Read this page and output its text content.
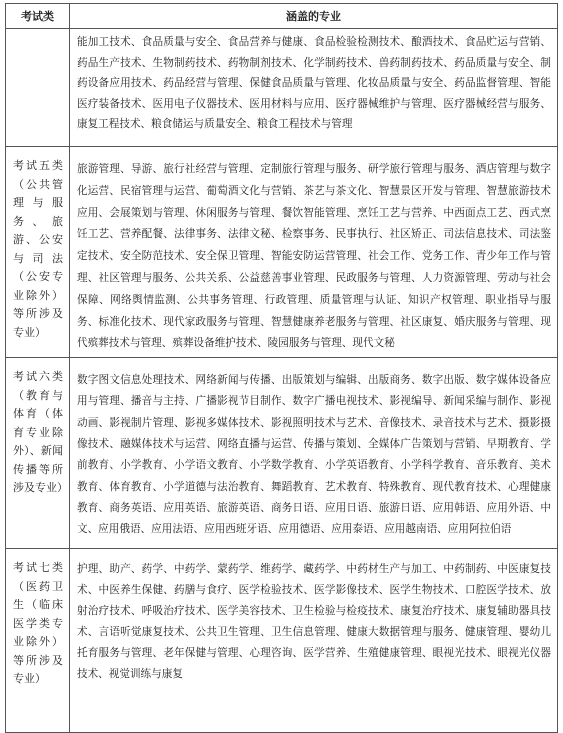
考试类	涵盖的专业
	能加工技术、食品质量与安全、食品营养与健康、食品检验检测技术、酿酒技术、食品贮运与营销、药品生产技术、生物制药技术、药物制剂技术、化学制药技术、兽药制药技术、药品质量与安全、制药设备应用技术、药品经营与管理、保健食品质量与管理、化妆品质量与安全、药品监督管理、智能医疗装备技术、医用电子仪器技术、医用材料与应用、医疗器械维护与管理、医疗器械经营与服务、康复工程技术、粮食储运与质量安全、粮食工程技术与管理
考试五类（公共管理与服务、旅游、公安与司法（公安专业除外）等所涉及专业）	旅游管理、导游、旅行社经营与管理、定制旅行管理与服务、研学旅行管理与服务、酒店管理与数字化运营、民宿管理与运营、葡萄酒文化与营销、茶艺与茶文化、智慧景区开发与管理、智慧旅游技术应用、会展策划与管理、休闲服务与管理、餐饮智能管理、烹饪工艺与营养、中西面点工艺、西式烹饪工艺、营养配餐、法律事务、法律文秘、检察事务、民事执行、社区矫正、司法信息技术、司法鉴定技术、安全防范技术、安全保卫管理、智能安防运营管理、社会工作、党务工作、青少年工作与管理、社区管理与服务、公共关系、公益慈善事业管理、民政服务与管理、人力资源管理、劳动与社会保障、网络舆情监测、公共事务管理、行政管理、质量管理与认证、知识产权管理、职业指导与服务、标准化技术、现代家政服务与管理、智慧健康养老服务与管理、社区康复、婚庆服务与管理、现代殡葬技术与管理、殡葬设备维护技术、陵园服务与管理、现代文秘
考试六类（教育与体育（体育专业除外）、新闻传播等所涉及专业）	数字图文信息处理技术、网络新闻与传播、出版策划与编辑、出版商务、数字出版、数字媒体设备应用与管理、播音与主持、广播影视节目制作、数字广播电视技术、影视编导、新闻采编与制作、影视动画、影视制片管理、影视多媒体技术、影视照明技术与艺术、音像技术、录音技术与艺术、摄影摄像技术、融媒体技术与运营、网络直播与运营、传播与策划、全媒体广告策划与营销、早期教育、学前教育、小学教育、小学语文教育、小学数学教育、小学英语教育、小学科学教育、音乐教育、美术教育、体育教育、小学道德与法治教育、舞蹈教育、艺术教育、特殊教育、现代教育技术、心理健康教育、商务英语、应用英语、旅游英语、商务日语、应用日语、旅游日语、应用韩语、应用外语、中文、应用俄语、应用法语、应用西班牙语、应用德语、应用泰语、应用越南语、应用阿拉伯语
考试七类（医药卫生（临床医学类专业除外）等所涉及专业）	护理、助产、药学、中药学、蒙药学、维药学、藏药学、中药材生产与加工、中药制药、中医康复技术、中医养生保健、药膳与食疗、医学检验技术、医学影像技术、医学生物技术、口腔医学技术、放射治疗技术、呼吸治疗技术、医学美容技术、卫生检验与检疫技术、康复治疗技术、康复辅助器具技术、言语听觉康复技术、公共卫生管理、卫生信息管理、健康大数据管理与服务、健康管理、婴幼儿托育服务与管理、老年保健与管理、心理咨询、医学营养、生殖健康管理、眼视光技术、眼视光仪器技术、视觉训练与康复
